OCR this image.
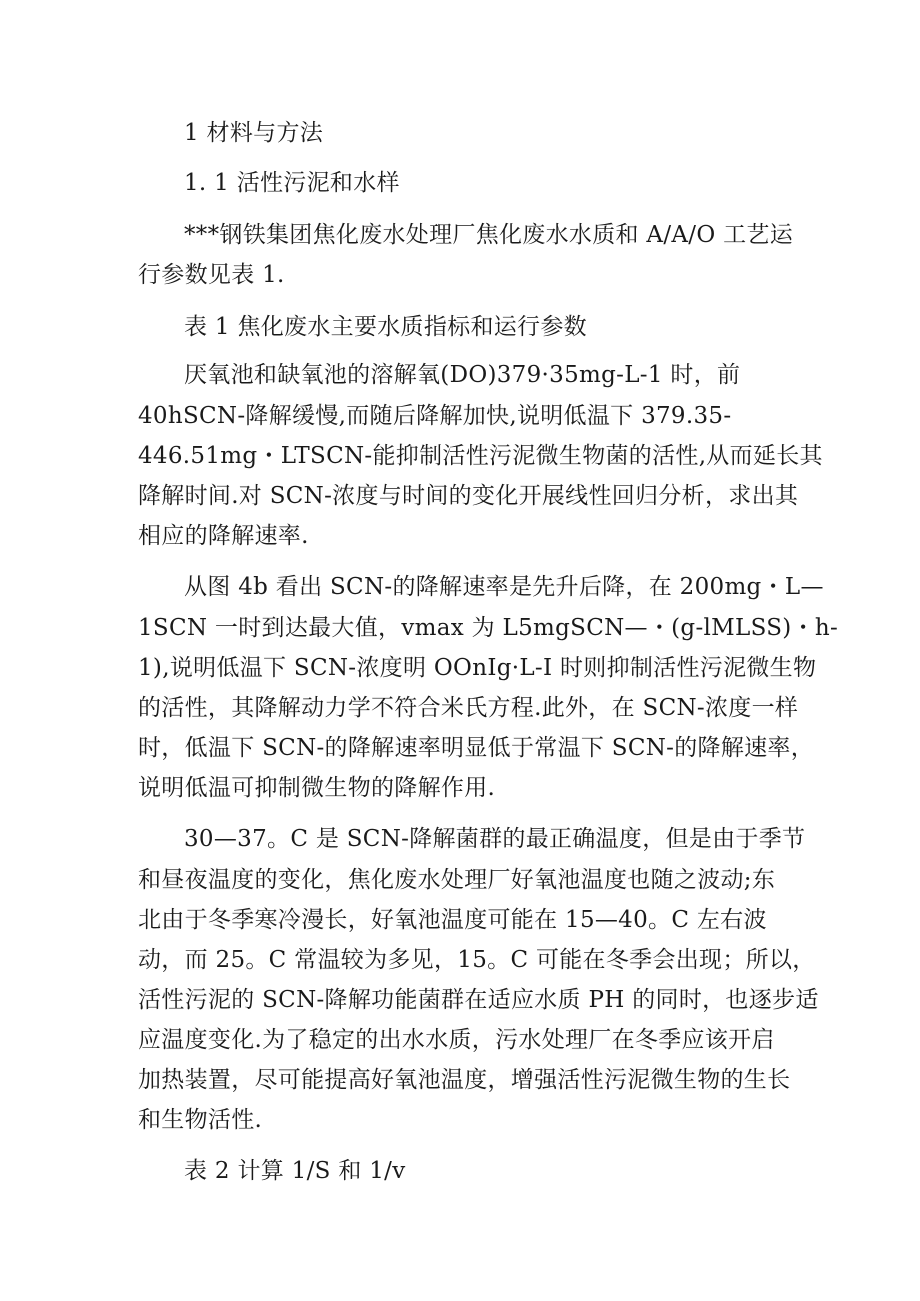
1 材料与方法
1. 1 活性污泥和水样
***钢铁集团焦化废水处理厂焦化废水水质和 A/A/O 工艺运
行参数见表 1.
表 1 焦化废水主要水质指标和运行参数
厌氧池和缺氧池的溶解氧(DO)379·35mg-L-1 时，前
40hSCN-降解缓慢,而随后降解加快,说明低温下 379.35-
446.51mg・LTSCN-能抑制活性污泥微生物菌的活性,从而延长其
降解时间.对 SCN-浓度与时间的变化开展线性回归分析，求出其
相应的降解速率.
从图 4b 看出 SCN-的降解速率是先升后降，在 200mg・L—
1SCN 一时到达最大值，vmax 为 L5mgSCN—・(g-lMLSS)・h-
1),说明低温下 SCN-浓度明 OOnIg·L-I 时则抑制活性污泥微生物
的活性，其降解动力学不符合米氏方程.此外，在 SCN-浓度一样
时，低温下 SCN-的降解速率明显低于常温下 SCN-的降解速率，
说明低温可抑制微生物的降解作用.
30—37。C 是 SCN-降解菌群的最正确温度，但是由于季节
和昼夜温度的变化，焦化废水处理厂好氧池温度也随之波动;东
北由于冬季寒冷漫长，好氧池温度可能在 15—40。C 左右波
动，而 25。C 常温较为多见，15。C 可能在冬季会出现；所以，
活性污泥的 SCN-降解功能菌群在适应水质 PH 的同时，也逐步适
应温度变化.为了稳定的出水水质，污水处理厂在冬季应该开启
加热装置，尽可能提高好氧池温度，增强活性污泥微生物的生长
和生物活性.
表 2 计算 1/S 和 1/v
